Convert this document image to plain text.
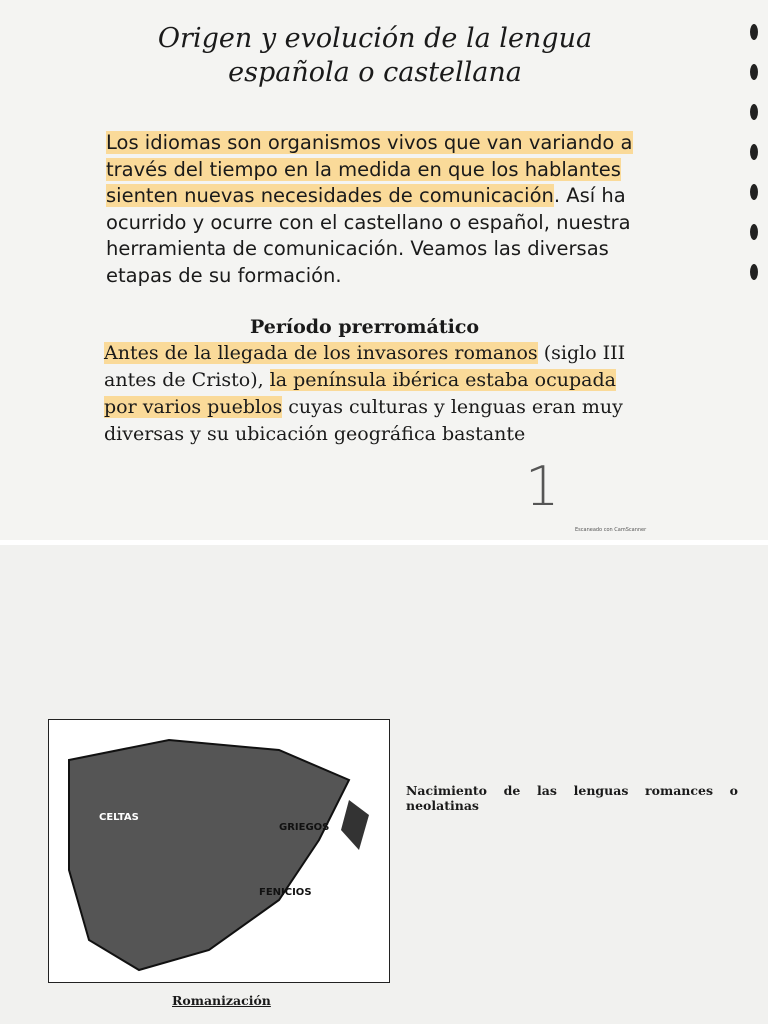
Origen y evolución de la lengua
española o castellana
Los idiomas son organismos vivos que van variando a través del tiempo en la medida en que los hablantes sienten nuevas necesidades de comunicación. Así ha ocurrido y ocurre con el castellano o español, nuestra herramienta de comunicación. Veamos las diversas etapas de su formación.
Período prerromático
Antes de la llegada de los invasores romanos (siglo III antes de Cristo), la península ibérica estaba ocupada por varios pueblos cuyas culturas y lenguas eran muy diversas y su ubicación geográfica bastante
1
Escaneado con CamScanner
GRIEGOS
FENICIOS
CELTAS
Romanización
Nacimiento de las lenguas romances o neolatinas
